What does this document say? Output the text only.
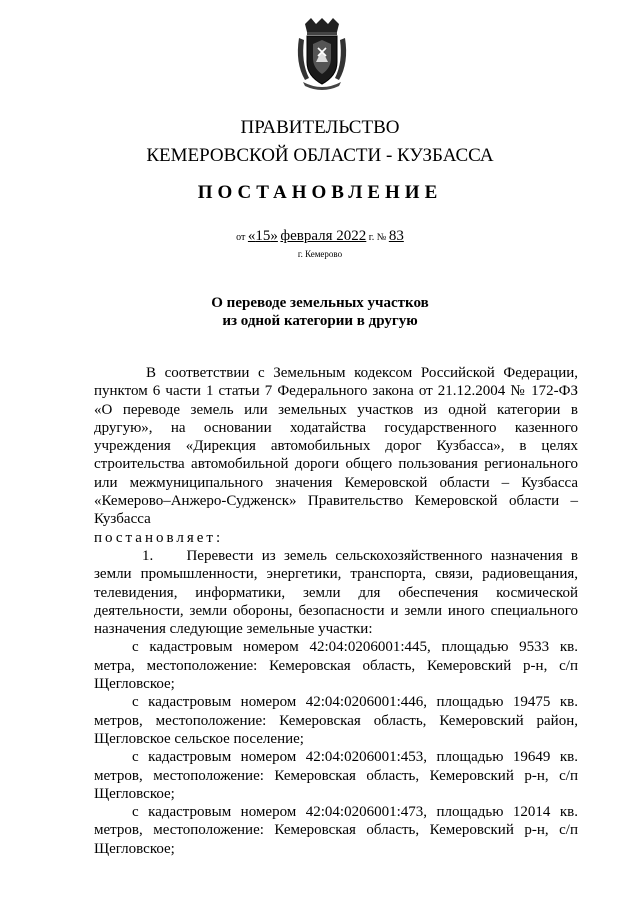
ПРАВИТЕЛЬСТВО
КЕМЕРОВСКОЙ ОБЛАСТИ - КУЗБАССА
ПОСТАНОВЛЕНИЕ
от «15» февраля 2022 г. № 83
г. Кемерово
О переводе земельных участков
из одной категории в другую

В соответствии с Земельным кодексом Российской Федерации, пунктом 6 части 1 статьи 7 Федерального закона от 21.12.2004 № 172-ФЗ «О переводе земель или земельных участков из одной категории в другую», на основании ходатайства государственного казенного учреждения «Дирекция автомобильных дорог Кузбасса», в целях строительства автомобильной дороги общего пользования регионального или межмуниципального значения Кемеровской области – Кузбасса «Кемерово–Анжеро-Судженск» Правительство Кемеровской области – Кузбасса

постановляет:

1.    Перевести из земель сельскохозяйственного назначения в земли промышленности, энергетики, транспорта, связи, радиовещания, телевидения, информатики, земли для обеспечения космической деятельности, земли обороны, безопасности и земли иного специального назначения следующие земельные участки:

с кадастровым номером 42:04:0206001:445, площадью 9533 кв. метра, местоположение: Кемеровская область, Кемеровский р-н, с/п Щегловское;

с кадастровым номером 42:04:0206001:446, площадью 19475 кв. метров, местоположение: Кемеровская область, Кемеровский район, Щегловское сельское поселение;

с кадастровым номером 42:04:0206001:453, площадью 19649 кв. метров, местоположение: Кемеровская область, Кемеровский р-н, с/п Щегловское;

с кадастровым номером 42:04:0206001:473, площадью 12014 кв. метров, местоположение: Кемеровская область, Кемеровский р-н, с/п Щегловское;
